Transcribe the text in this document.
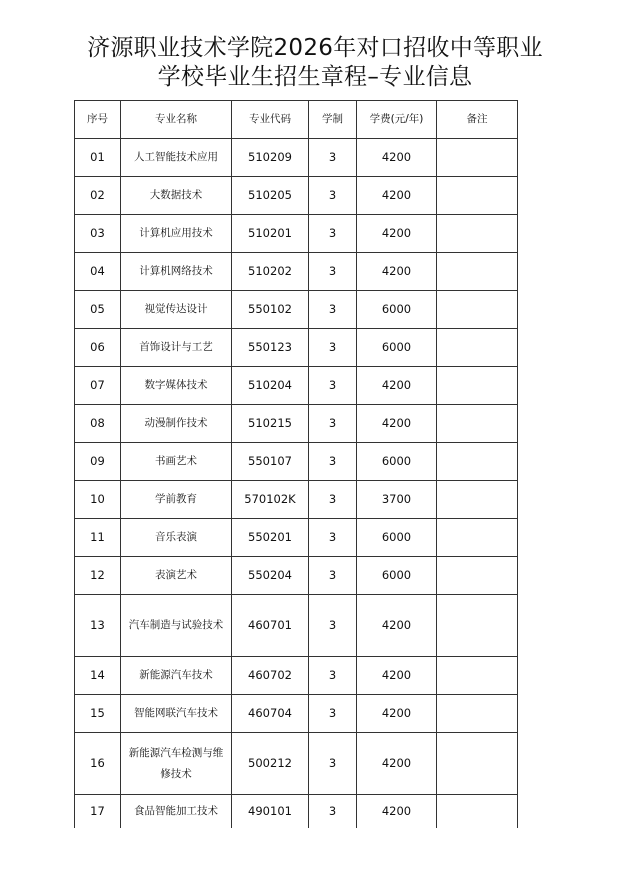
济源职业技术学院2026年对口招收中等职业
学校毕业生招生章程–专业信息
序号	专业名称	专业代码	学制	学费(元/年)	备注
01	人工智能技术应用	510209	3	4200	
02	大数据技术	510205	3	4200	
03	计算机应用技术	510201	3	4200	
04	计算机网络技术	510202	3	4200	
05	视觉传达设计	550102	3	6000	
06	首饰设计与工艺	550123	3	6000	
07	数字媒体技术	510204	3	4200	
08	动漫制作技术	510215	3	4200	
09	书画艺术	550107	3	6000	
10	学前教育	570102K	3	3700	
11	音乐表演	550201	3	6000	
12	表演艺术	550204	3	6000	
13	汽车制造与试验技术	460701	3	4200	
14	新能源汽车技术	460702	3	4200	
15	智能网联汽车技术	460704	3	4200	
16	新能源汽车检测与维修技术	500212	3	4200	
17	食品智能加工技术	490101	3	4200	
